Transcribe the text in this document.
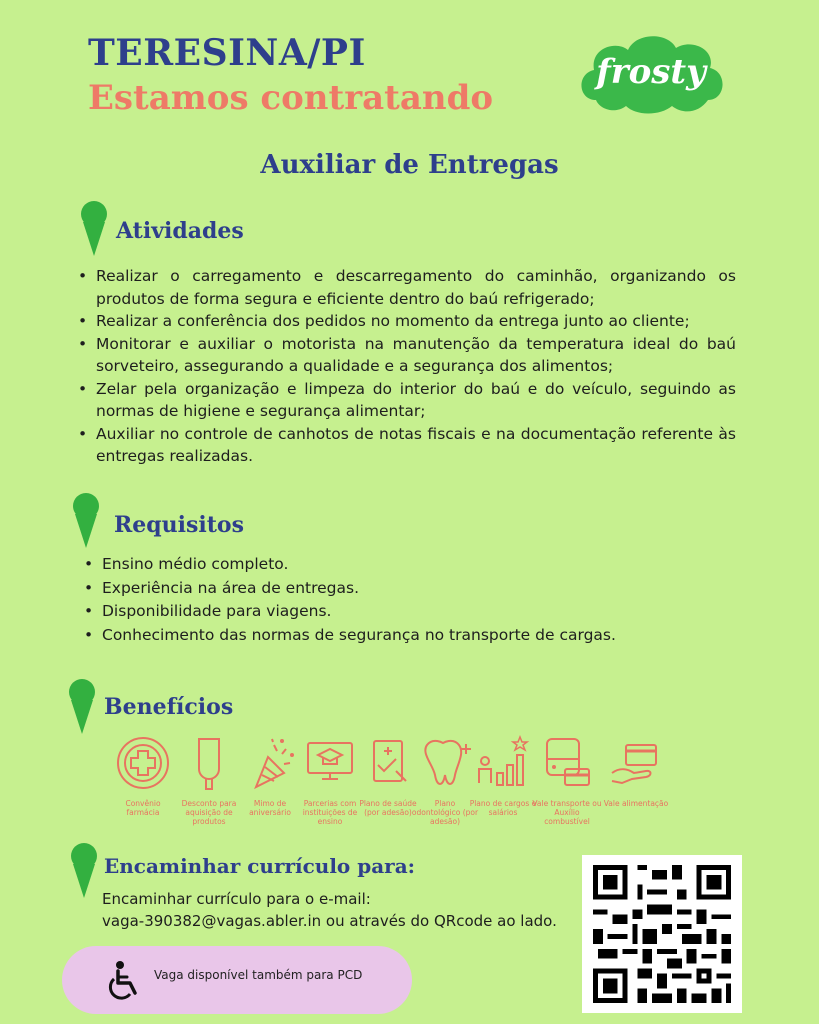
TERESINA/PI
Estamos contratando
frosty
Auxiliar de Entregas
Atividades
• Realizar o carregamento e descarregamento do caminhão, organizando os produtos de forma segura e eficiente dentro do baú refrigerado;
• Realizar a conferência dos pedidos no momento da entrega junto ao cliente;
• Monitorar e auxiliar o motorista na manutenção da temperatura ideal do baú sorveteiro, assegurando a qualidade e a segurança dos alimentos;
• Zelar pela organização e limpeza do interior do baú e do veículo, seguindo as normas de higiene e segurança alimentar;
• Auxiliar no controle de canhotos de notas fiscais e na documentação referente às entregas realizadas.
Requisitos
• Ensino médio completo.
• Experiência na área de entregas.
• Disponibilidade para viagens.
• Conhecimento das normas de segurança no transporte de cargas.
Benefícios
Convênio farmácia
Desconto para aquisição de produtos
Mimo de aniversário
Parcerias com instituições de ensino
Plano de saúde (por adesão)
Plano odontológico (por adesão)
Plano de cargos e salários
Vale transporte ou Auxílio combustível
Vale alimentação
Encaminhar currículo para:
Encaminhar currículo para o e-mail:
vaga-390382@vagas.abler.in ou através do QRcode ao lado.
Vaga disponível também para PCD
